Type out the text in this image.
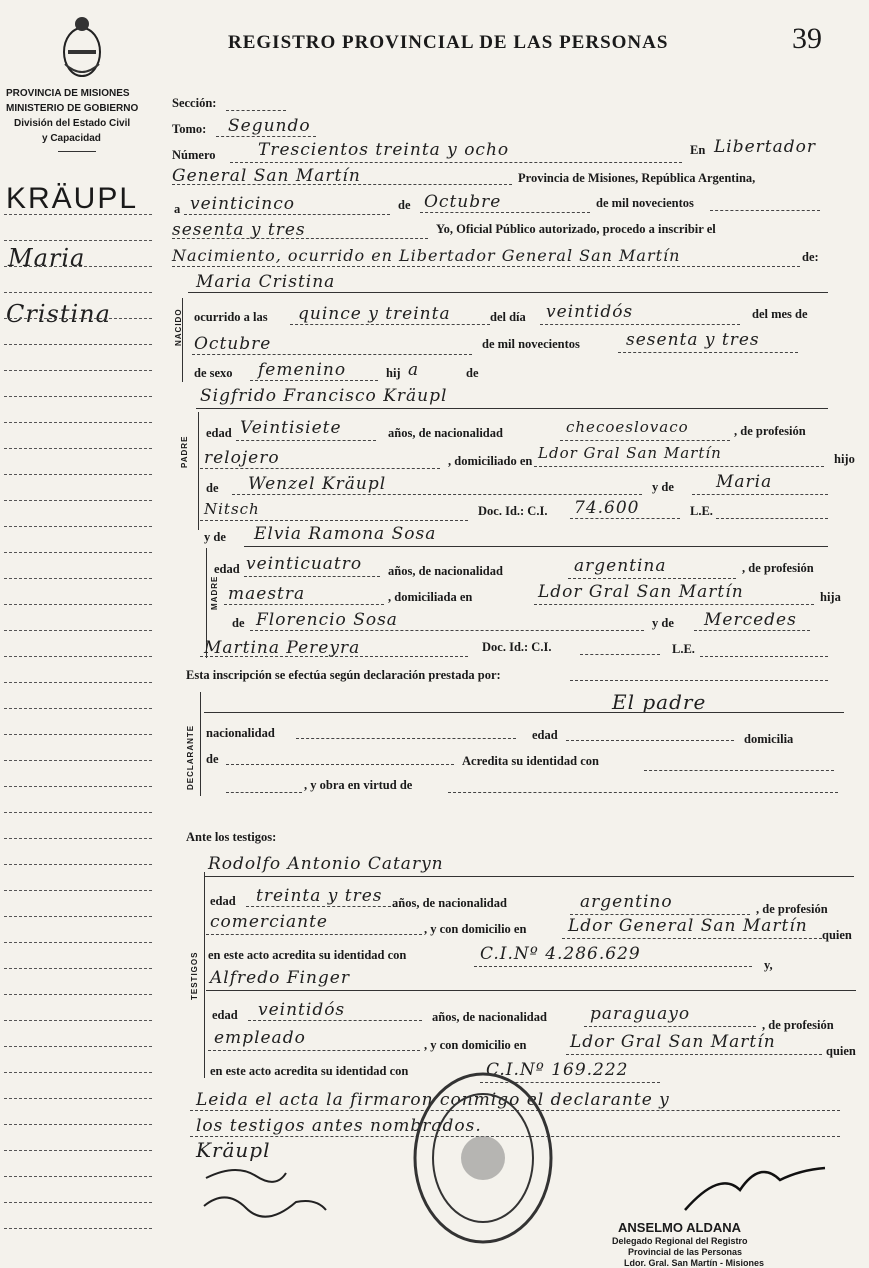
REGISTRO PROVINCIAL DE LAS PERSONAS	39
PROVINCIA DE MISIONES
MINISTERIO DE GOBIERNO
División del Estado Civil
y Capacidad
KRÄUPL
Maria
Cristina
Sección:
Tomo: Segundo
Número Trescientos treinta y ocho	En Libertador
General San Martín	Provincia de Misiones, República Argentina,
a veinticinco	de Octubre	de mil novecientos
sesenta y tres	Yo, Oficial Público autorizado, procedo a inscribir el
Nacimiento, ocurrido en Libertador General San Martín	de:
NACIDO
Maria Cristina
ocurrido a las quince y treinta	del día veintidós	del mes de
Octubre	de mil novecientos	sesenta y tres
de sexo femenino	hij a	de
PADRE
Sigfrido Francisco Kräupl
edad Veintisiete	años, de nacionalidad	checoeslovaco	, de profesión
relojero	, domiciliado en Ldor Gral San Martín	hijo
de Wenzel Kräupl	y de Maria
Nitsch	Doc. Id.: C.I. 74.600	L.E.
MADRE
y de Elvia Ramona Sosa
edad veinticuatro años, de nacionalidad	argentina	, de profesión
maestra	, domiciliada en	Ldor Gral San Martín	hija
de Florencio Sosa	y de Mercedes
Martina Pereyra	Doc. Id.: C.I.	L.E.
Esta inscripción se efectúa según declaración prestada por:
DECLARANTE
El padre
nacionalidad	edad	domicilia
de	Acredita su identidad con
, y obra en virtud de
Ante los testigos:
TESTIGOS
Rodolfo Antonio Cataryn
edad treinta y tres años, de nacionalidad	argentino	, de profesión
comerciante	, y con domicilio en Ldor General San Martín quien
en este acto acredita su identidad con	C.I.Nº 4.286.629
y,
Alfredo Finger
edad veintidós	años, de nacionalidad	paraguayo
, de profesión
empleado	, y con domicilio en	Ldor Gral San Martín	quien
en este acto acredita su identidad con	C.I.Nº 169.222
Leida el acta la firmaron conmigo el declarante y
los testigos antes nombrados.
Kräupl
ANSELMO ALDANA
Delegado Regional del Registro
Provincial de las Personas
Ldor. Gral. San Martín - Misiones
